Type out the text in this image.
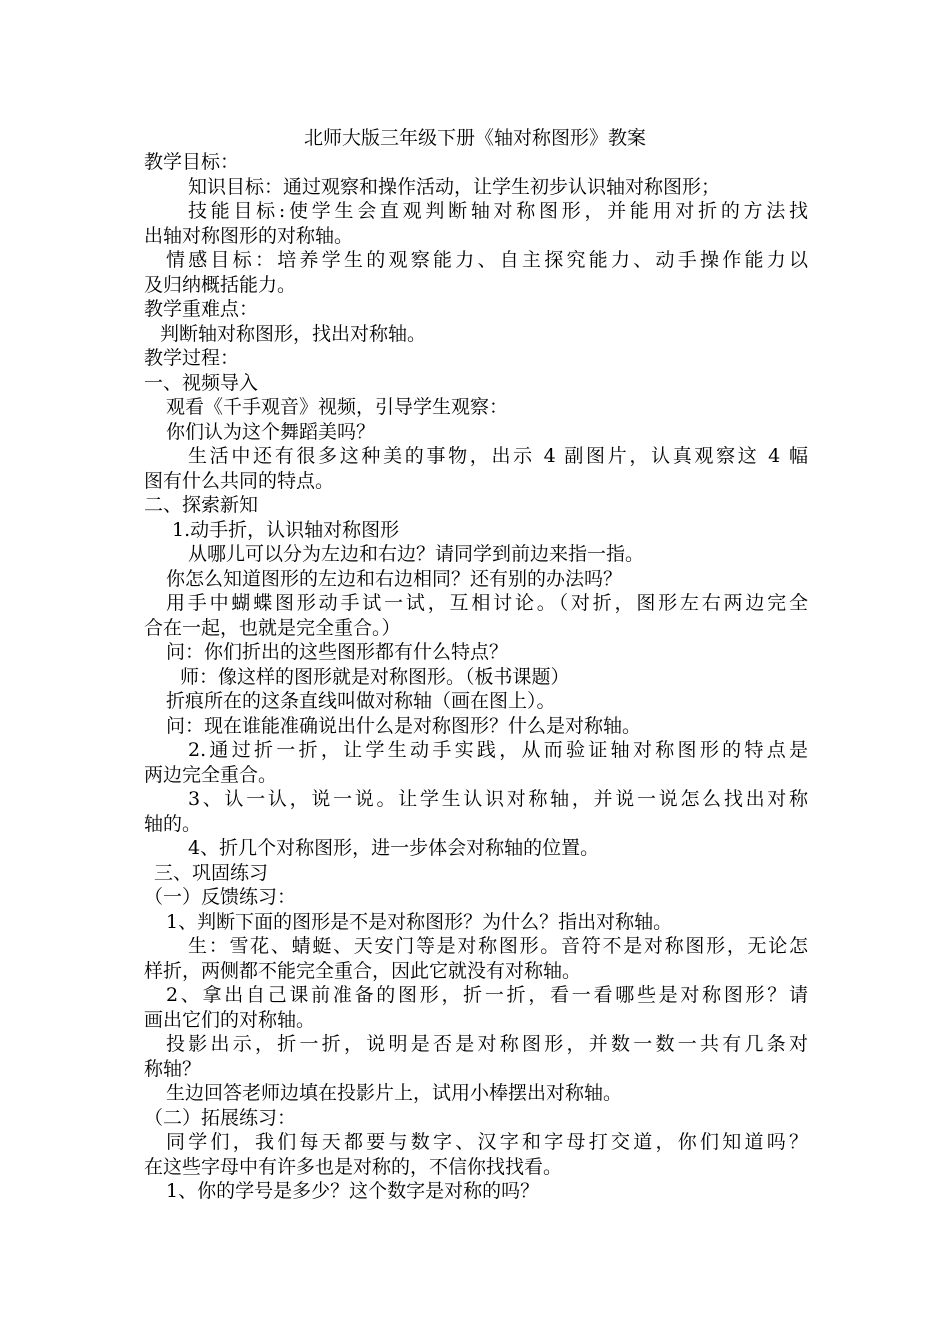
北师大版三年级下册《轴对称图形》教案
教学目标：
知识目标：通过观察和操作活动，让学生初步认识轴对称图形；
技能目标:使学生会直观判断轴对称图形，并能用对折的方法找
出轴对称图形的对称轴。
情感目标：培养学生的观察能力、自主探究能力、动手操作能力以
及归纳概括能力。
教学重难点：
判断轴对称图形，找出对称轴。
教学过程：
一、视频导入
观看《千手观音》视频，引导学生观察：
你们认为这个舞蹈美吗？
生活中还有很多这种美的事物，出示 4 副图片，认真观察这 4 幅
图有什么共同的特点。
二、探索新知
1.动手折，认识轴对称图形
从哪儿可以分为左边和右边？请同学到前边来指一指。
你怎么知道图形的左边和右边相同？还有别的办法吗？
用手中蝴蝶图形动手试一试，互相讨论。（对折，图形左右两边完全
合在一起，也就是完全重合。）
问：你们折出的这些图形都有什么特点？
师：像这样的图形就是对称图形。（板书课题）
折痕所在的这条直线叫做对称轴（画在图上）。
问：现在谁能准确说出什么是对称图形？什么是对称轴。
2.通过折一折，让学生动手实践，从而验证轴对称图形的特点是
两边完全重合。
3、认一认，说一说。让学生认识对称轴，并说一说怎么找出对称
轴的。
4、折几个对称图形，进一步体会对称轴的位置。
三、巩固练习
（一）反馈练习：
1、判断下面的图形是不是对称图形？为什么？指出对称轴。
生：雪花、蜻蜓、天安门等是对称图形。音符不是对称图形，无论怎
样折，两侧都不能完全重合，因此它就没有对称轴。
2、拿出自己课前准备的图形，折一折，看一看哪些是对称图形？请
画出它们的对称轴。
投影出示，折一折，说明是否是对称图形，并数一数一共有几条对
称轴？
生边回答老师边填在投影片上，试用小棒摆出对称轴。
（二）拓展练习：
同学们，我们每天都要与数字、汉字和字母打交道，你们知道吗？
在这些字母中有许多也是对称的，不信你找找看。
1、你的学号是多少？这个数字是对称的吗？
